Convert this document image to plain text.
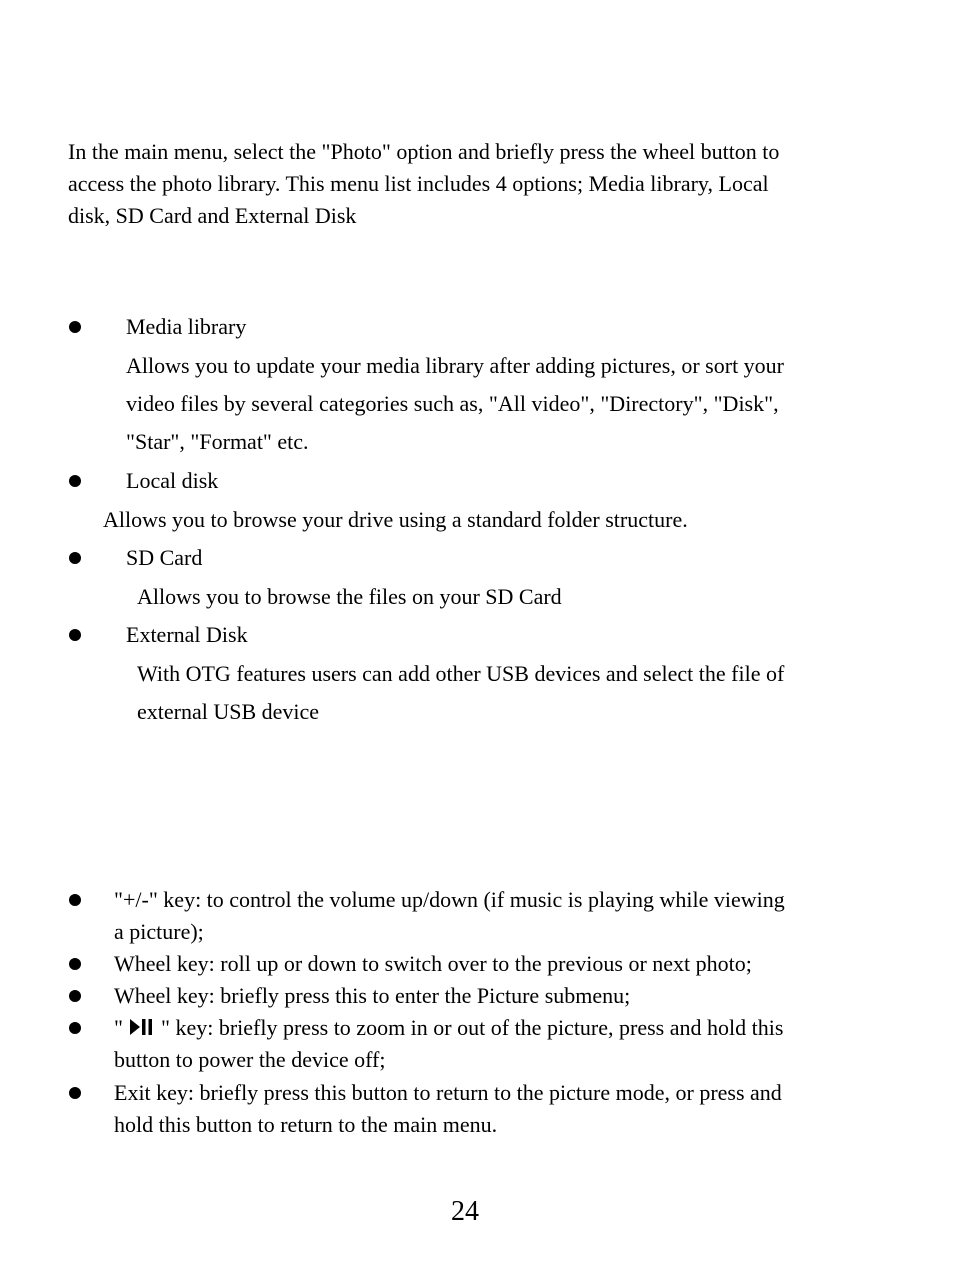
In the main menu, select the "Photo" option and briefly press the wheel button to
access the photo library. This menu list includes 4 options; Media library, Local
disk, SD Card and External Disk
Media library
Allows you to update your media library after adding pictures, or sort your
video files by several categories such as, "All video", "Directory", "Disk",
"Star", "Format" etc.
Local disk
Allows you to browse your drive using a standard folder structure.
SD Card
Allows you to browse the files on your SD Card
External Disk
With OTG features users can add other USB devices and select the file of
external USB device
"+/-" key: to control the volume up/down (if music is playing while viewing
a picture);
Wheel key: roll up or down to switch over to the previous or next photo;
Wheel key: briefly press this to enter the Picture submenu;
" " key: briefly press to zoom in or out of the picture, press and hold this
button to power the device off;
Exit key: briefly press this button to return to the picture mode, or press and
hold this button to return to the main menu.
24
